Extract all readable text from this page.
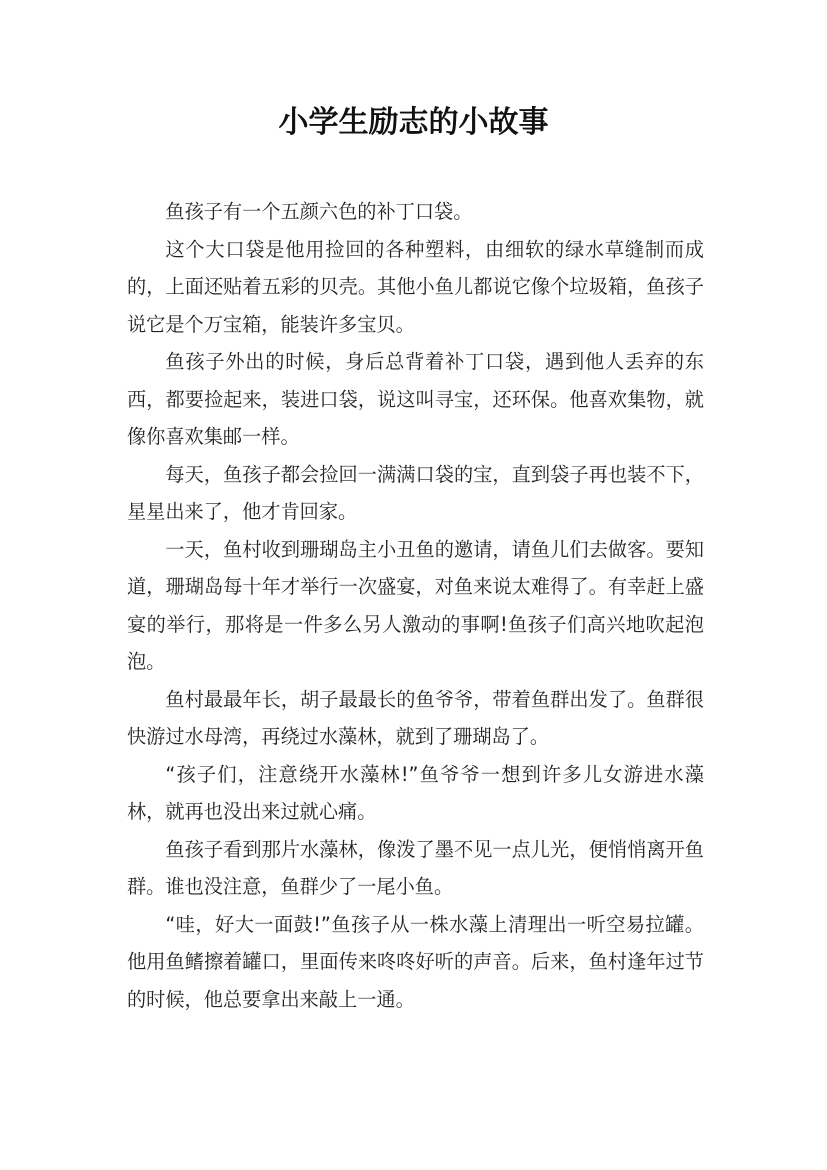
小学生励志的小故事

鱼孩子有一个五颜六色的补丁口袋。

这个大口袋是他用捡回的各种塑料，由细软的绿水草缝制而成的，上面还贴着五彩的贝壳。其他小鱼儿都说它像个垃圾箱，鱼孩子说它是个万宝箱，能装许多宝贝。

鱼孩子外出的时候，身后总背着补丁口袋，遇到他人丢弃的东西，都要捡起来，装进口袋，说这叫寻宝，还环保。他喜欢集物，就像你喜欢集邮一样。

每天，鱼孩子都会捡回一满满口袋的宝，直到袋子再也装不下，星星出来了，他才肯回家。

一天，鱼村收到珊瑚岛主小丑鱼的邀请，请鱼儿们去做客。要知道，珊瑚岛每十年才举行一次盛宴，对鱼来说太难得了。有幸赶上盛宴的举行，那将是一件多么另人激动的事啊!鱼孩子们高兴地吹起泡泡。

鱼村最最年长，胡子最最长的鱼爷爷，带着鱼群出发了。鱼群很快游过水母湾，再绕过水藻林，就到了珊瑚岛了。

“孩子们，注意绕开水藻林!”鱼爷爷一想到许多儿女游进水藻林，就再也没出来过就心痛。

鱼孩子看到那片水藻林，像泼了墨不见一点儿光，便悄悄离开鱼群。谁也没注意，鱼群少了一尾小鱼。

“哇，好大一面鼓!”鱼孩子从一株水藻上清理出一听空易拉罐。他用鱼鳍擦着罐口，里面传来咚咚好听的声音。后来，鱼村逢年过节的时候，他总要拿出来敲上一通。
